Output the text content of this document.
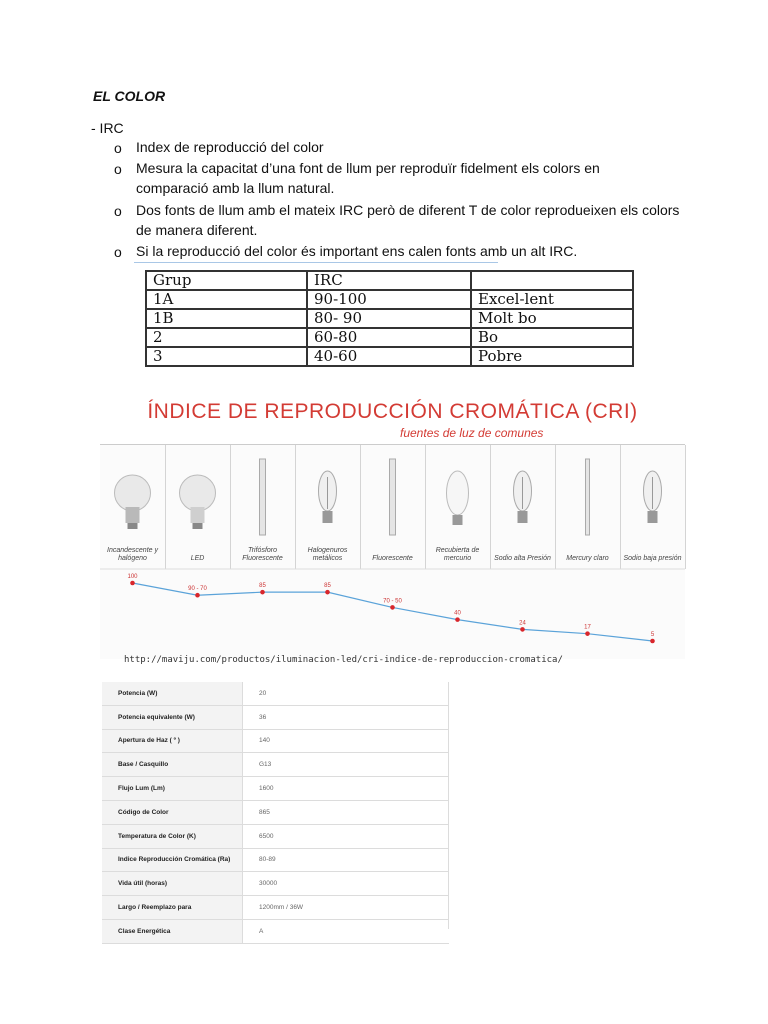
EL COLOR
- IRC
o Index de reproducció del color
o Mesura la capacitat d’una font de llum per reproduïr fidelment els colors en comparació amb la llum natural.
o Dos fonts de llum amb el mateix IRC però de diferent T de color reprodueixen els colors de manera diferent.
o Si la reproducció del color és important ens calen fonts amb un alt IRC.
Grup	IRC	
1A	90-100	Excel-lent
1B	80- 90	Molt bo
2	60-80	Bo
3	40-60	Pobre
ÍNDICE DE REPRODUCCIÓN CROMÁTICA (CRI)
fuentes de luz de comunes
Incandescente y halógeno	LED
Trifósforo Fluorescente
Halogenuros metálicos	Fluorescente
Recubierta de mercurio	Sodio alta Presión	Mercury claro	Sodio baja presión
100
90 - 70
85	85
70 - 50
40
24
17
5
http://maviju.com/productos/iluminacion-led/cri-indice-de-reproduccion-cromatica/
Potencia (W)	20
Potencia equivalente (W)	36
Apertura de Haz ( º )	140
Base / Casquillo	G13
Flujo Lum (Lm)	1600
Código de Color	865
Temperatura de Color (K)	6500
Indice Reproducción Cromática (Ra)	80-89
Vida útil (horas)	30000
Largo / Reemplazo para	1200mm / 36W
Clase Energética	A
